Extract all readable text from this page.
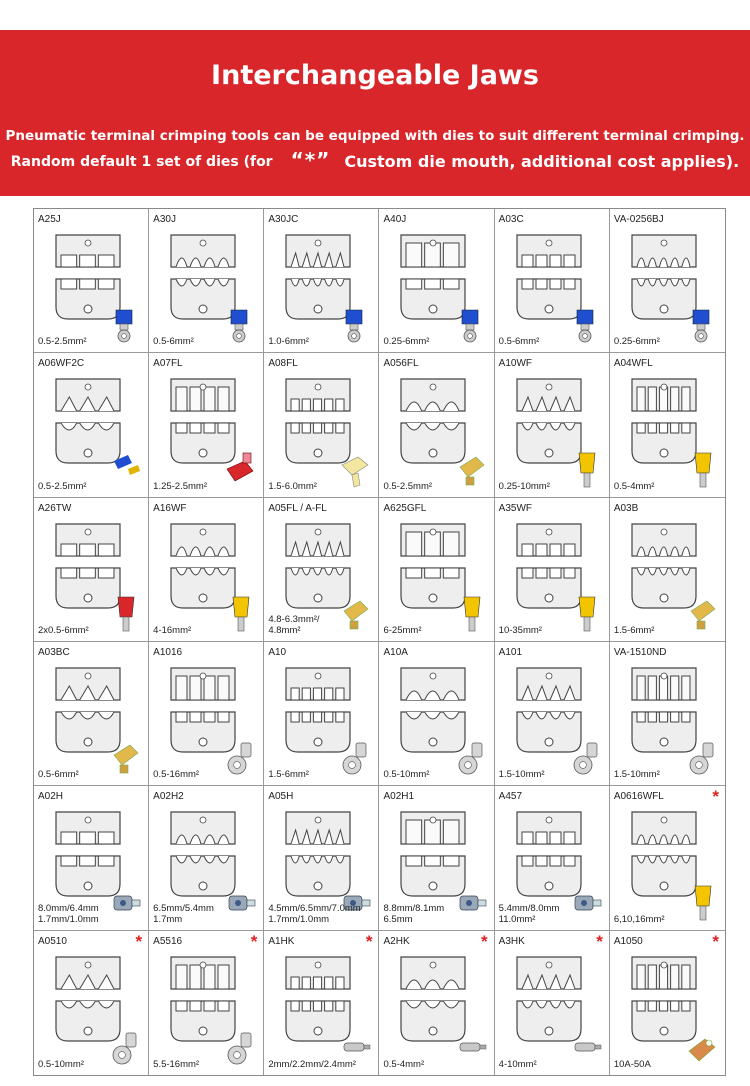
Interchangeable Jaws
Pneumatic terminal crimping tools can be equipped with dies to suit different terminal crimping.
Random default 1 set of dies (for “*” Custom die mouth, additional cost applies).
A25J
0.5-2.5mm²
A30J
0.5-6mm²
A30JC
1.0-6mm²
A40J
0.25-6mm²
A03C
0.5-6mm²
VA-0256BJ
0.25-6mm²
A06WF2C
0.5-2.5mm²
A07FL
1.25-2.5mm²
A08FL
1.5-6.0mm²
A056FL
0.5-2.5mm²
A10WF
0.25-10mm²
A04WFL
0.5-4mm²
A26TW
2x0.5-6mm²
A16WF
4-16mm²
A05FL / A-FL
4.8-6.3mm²/
4.8mm²
A625GFL
6-25mm²
A35WF
10-35mm²
A03B
1.5-6mm²
A03BC
0.5-6mm²
A1016
0.5-16mm²
A10
1.5-6mm²
A10A
0.5-10mm²
A101
1.5-10mm²
VA-1510ND
1.5-10mm²
A02H
8.0mm/6.4mm
1.7mm/1.0mm
A02H2
6.5mm/5.4mm
1.7mm
A05H
4.5mm/6.5mm/7.0mm
1.7mm/1.0mm
A02H1
8.8mm/8.1mm
6.5mm
A457
5.4mm/8.0mm
11.0mm²
A0616WFL	*
6,10,16mm²
A0510	*
0.5-10mm²
A5516	*
5.5-16mm²
A1HK	*
2mm/2.2mm/2.4mm²
A2HK	*
0.5-4mm²
A3HK	*
4-10mm²
A1050	*
10A-50A
